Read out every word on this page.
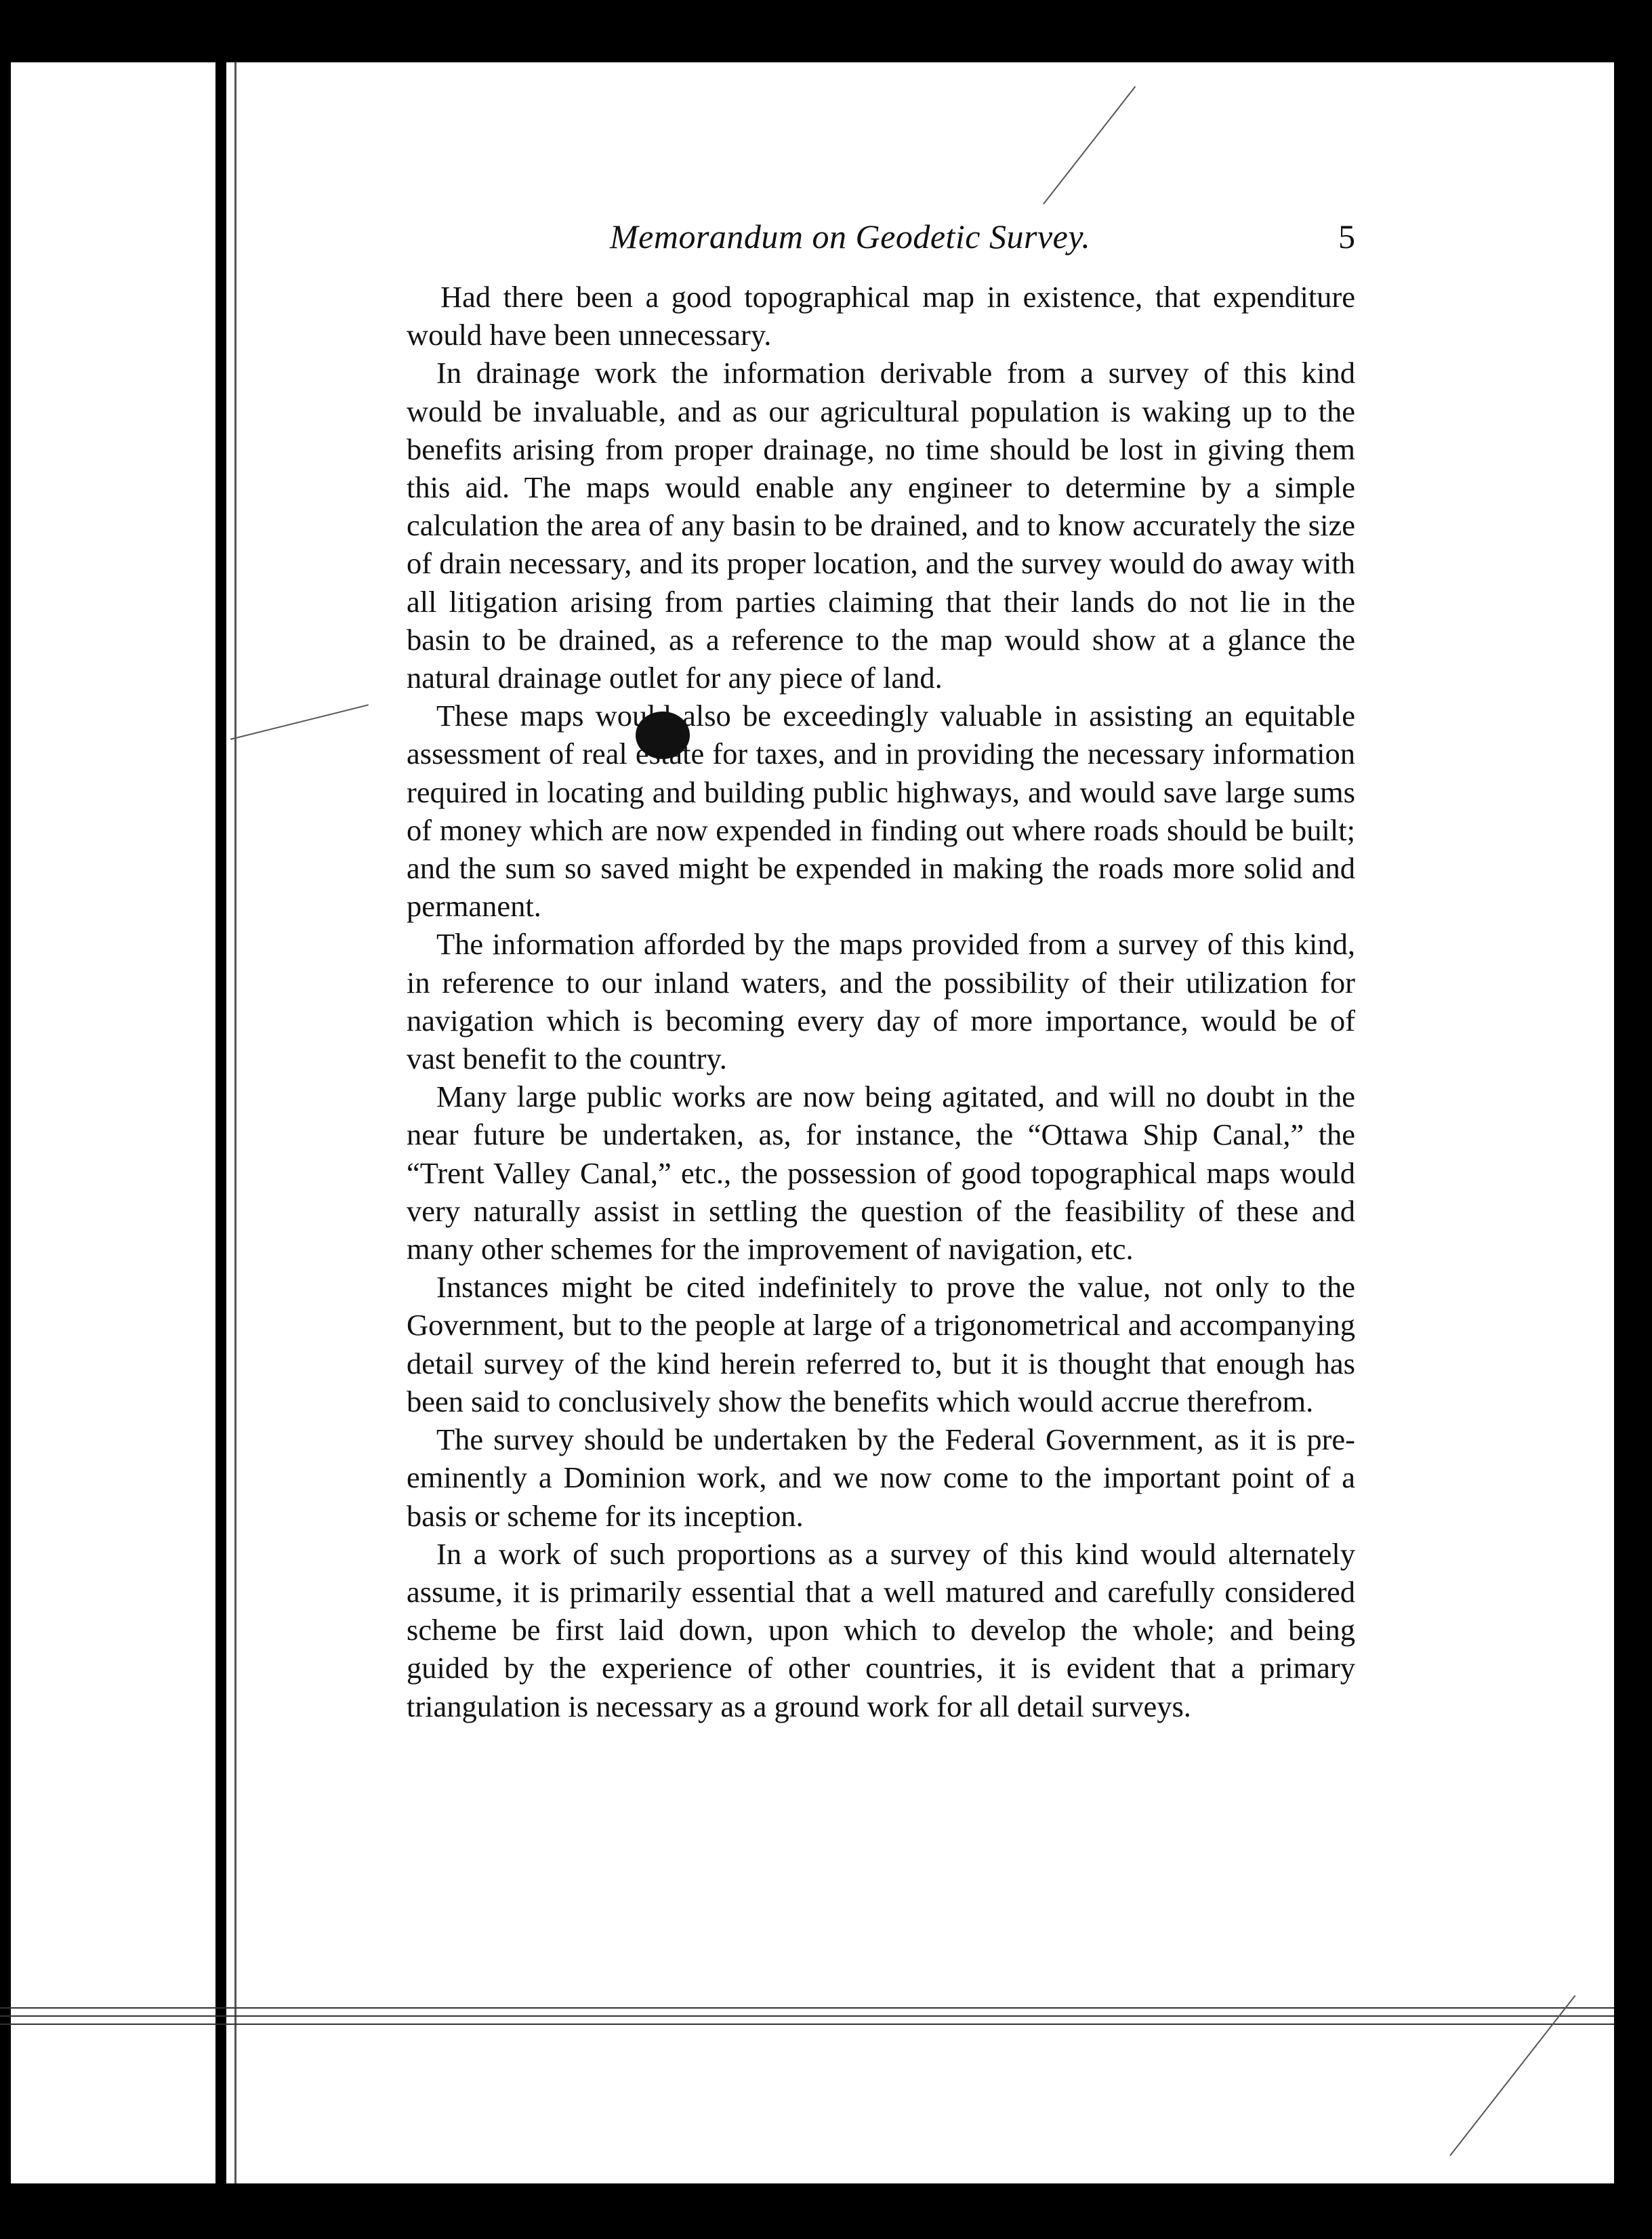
Memorandum on Geodetic Survey.	5

Had there been a good topographical map in existence, that expenditure would have been unnecessary.

In drainage work the information derivable from a survey of this kind would be invaluable, and as our agricultural population is waking up to the benefits arising from proper drainage, no time should be lost in giving them this aid. The maps would enable any engineer to determine by a simple calculation the area of any basin to be drained, and to know accurately the size of drain necessary, and its proper location, and the survey would do away with all litigation arising from parties claiming that their lands do not lie in the basin to be drained, as a reference to the map would show at a glance the natural drainage outlet for any piece of land.

These maps would also be exceedingly valuable in assisting an equitable assessment of real estate for taxes, and in providing the necessary information required in locating and building public highways, and would save large sums of money which are now expended in finding out where roads should be built; and the sum so saved might be expended in making the roads more solid and permanent.

The information afforded by the maps provided from a survey of this kind, in reference to our inland waters, and the possibility of their utilization for navigation which is becoming every day of more importance, would be of vast benefit to the country.

Many large public works are now being agitated, and will no doubt in the near future be undertaken, as, for instance, the “Ottawa Ship Canal,” the “Trent Valley Canal,” etc., the possession of good topographical maps would very naturally assist in settling the question of the feasibility of these and many other schemes for the improvement of navigation, etc.

Instances might be cited indefinitely to prove the value, not only to the Government, but to the people at large of a trigonometrical and accompanying detail survey of the kind herein referred to, but it is thought that enough has been said to conclusively show the benefits which would accrue therefrom.

The survey should be undertaken by the Federal Government, as it is pre-eminently a Dominion work, and we now come to the important point of a basis or scheme for its inception.

In a work of such proportions as a survey of this kind would alternately assume, it is primarily essential that a well matured and carefully considered scheme be first laid down, upon which to develop the whole; and being guided by the experience of other countries, it is evident that a primary triangulation is necessary as a ground work for all detail surveys.
